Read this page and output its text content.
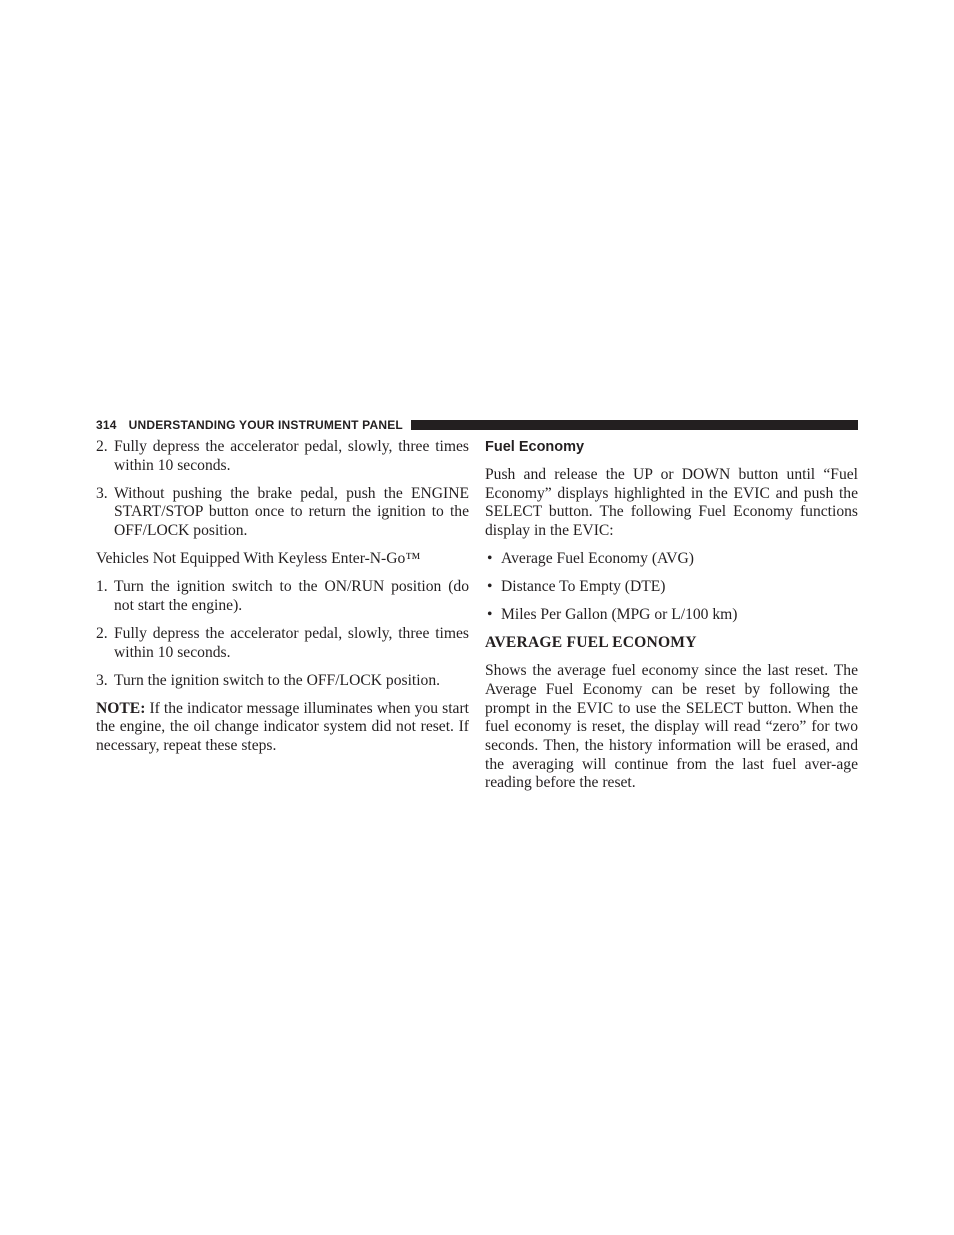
314 UNDERSTANDING YOUR INSTRUMENT PANEL
2. Fully depress the accelerator pedal, slowly, three times within 10 seconds.
3. Without pushing the brake pedal, push the ENGINE START/STOP button once to return the ignition to the OFF/LOCK position.

Vehicles Not Equipped With Keyless Enter-N-Go™

1. Turn the ignition switch to the ON/RUN position (do not start the engine).
2. Fully depress the accelerator pedal, slowly, three times within 10 seconds.
3. Turn the ignition switch to the OFF/LOCK position.

NOTE: If the indicator message illuminates when you start the engine, the oil change indicator system did not reset. If necessary, repeat these steps.

Fuel Economy

Push and release the UP or DOWN button until “Fuel Economy” displays highlighted in the EVIC and push the SELECT button. The following Fuel Economy functions display in the EVIC:

• Average Fuel Economy (AVG)
• Distance To Empty (DTE)
• Miles Per Gallon (MPG or L/100 km)
AVERAGE FUEL ECONOMY

Shows the average fuel economy since the last reset. The Average Fuel Economy can be reset by following the prompt in the EVIC to use the SELECT button. When the fuel economy is reset, the display will read “zero” for two seconds. Then, the history information will be erased, and the averaging will continue from the last fuel aver-age reading before the reset.
